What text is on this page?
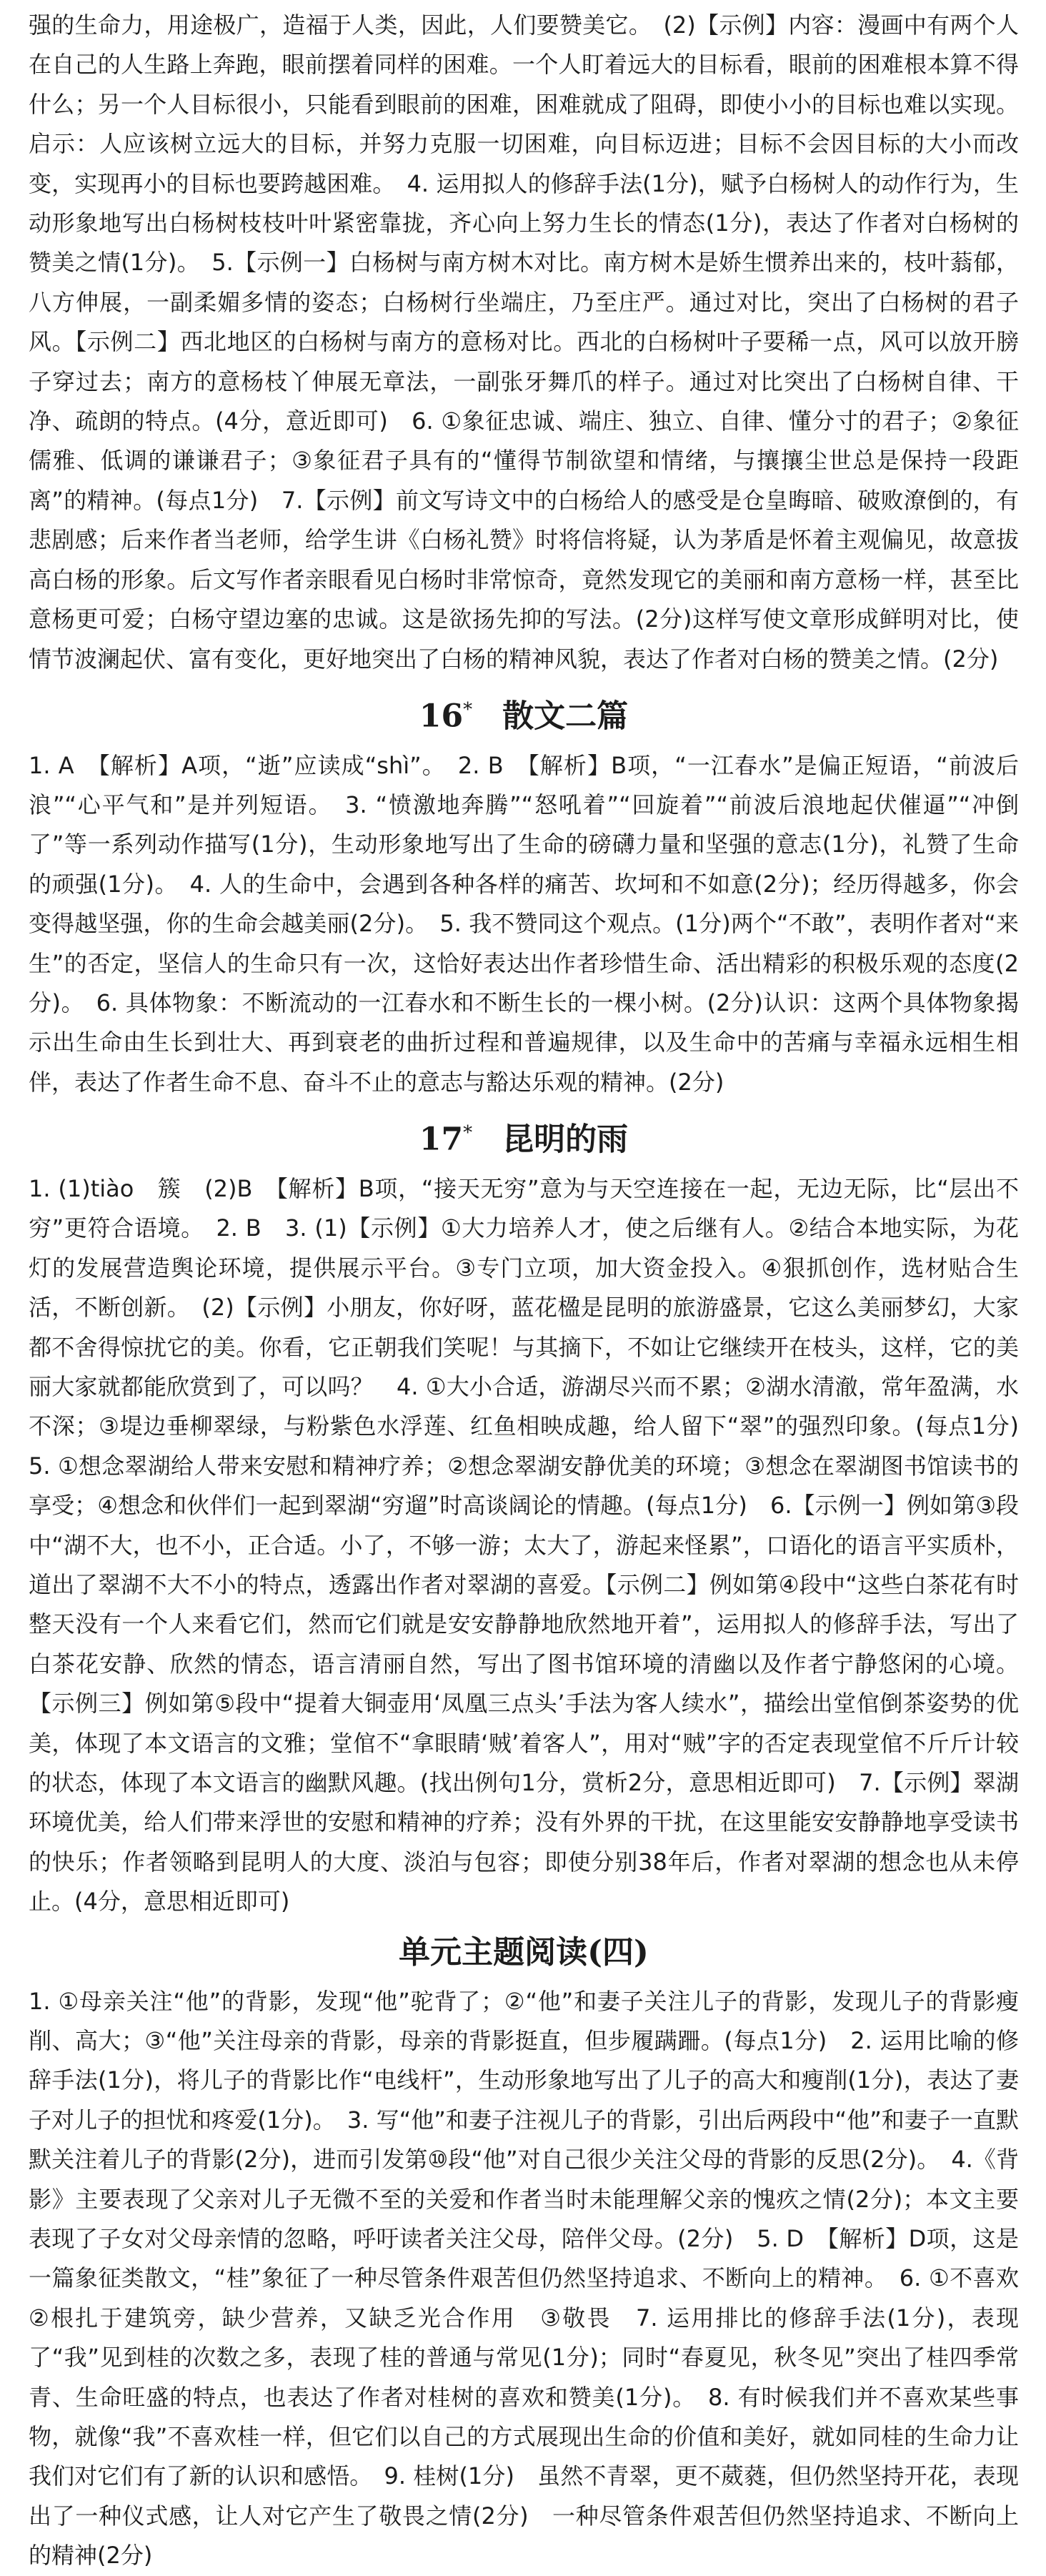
强的生命力，用途极广，造福于人类，因此，人们要赞美它。　(2)【示例】内容：漫画中有两个人在自己的人生路上奔跑，眼前摆着同样的困难。一个人盯着远大的目标看，眼前的困难根本算不得什么；另一个人目标很小，只能看到眼前的困难，困难就成了阻碍，即使小小的目标也难以实现。启示：人应该树立远大的目标，并努力克服一切困难，向目标迈进；目标不会因目标的大小而改变，实现再小的目标也要跨越困难。　4. 运用拟人的修辞手法(1分)，赋予白杨树人的动作行为，生动形象地写出白杨树枝枝叶叶紧密靠拢，齐心向上努力生长的情态(1分)，表达了作者对白杨树的赞美之情(1分)。　5.【示例一】白杨树与南方树木对比。南方树木是娇生惯养出来的，枝叶蓊郁，八方伸展，一副柔媚多情的姿态；白杨树行坐端庄，乃至庄严。通过对比，突出了白杨树的君子风。【示例二】西北地区的白杨树与南方的意杨对比。西北的白杨树叶子要稀一点，风可以放开膀子穿过去；南方的意杨枝丫伸展无章法，一副张牙舞爪的样子。通过对比突出了白杨树自律、干净、疏朗的特点。(4分，意近即可)　6. ①象征忠诚、端庄、独立、自律、懂分寸的君子；②象征儒雅、低调的谦谦君子；③象征君子具有的“懂得节制欲望和情绪，与攘攘尘世总是保持一段距离”的精神。(每点1分)　7.【示例】前文写诗文中的白杨给人的感受是仓皇晦暗、破败潦倒的，有悲剧感；后来作者当老师，给学生讲《白杨礼赞》时将信将疑，认为茅盾是怀着主观偏见，故意拔高白杨的形象。后文写作者亲眼看见白杨时非常惊奇，竟然发现它的美丽和南方意杨一样，甚至比意杨更可爱；白杨守望边塞的忠诚。这是欲扬先抑的写法。(2分)这样写使文章形成鲜明对比，使情节波澜起伏、富有变化，更好地突出了白杨的精神风貌，表达了作者对白杨的赞美之情。(2分)

16* 散文二篇

1. A　【解析】A项，“逝”应读成“shì”。　2. B　【解析】B项，“一江春水”是偏正短语，“前波后浪”“心平气和”是并列短语。　3. “愤激地奔腾”“怒吼着”“回旋着”“前波后浪地起伏催逼”“冲倒了”等一系列动作描写(1分)，生动形象地写出了生命的磅礴力量和坚强的意志(1分)，礼赞了生命的顽强(1分)。　4. 人的生命中，会遇到各种各样的痛苦、坎坷和不如意(2分)；经历得越多，你会变得越坚强，你的生命会越美丽(2分)。　5. 我不赞同这个观点。(1分)两个“不敢”，表明作者对“来生”的否定，坚信人的生命只有一次，这恰好表达出作者珍惜生命、活出精彩的积极乐观的态度(2分)。　6. 具体物象：不断流动的一江春水和不断生长的一棵小树。(2分)认识：这两个具体物象揭示出生命由生长到壮大、再到衰老的曲折过程和普遍规律，以及生命中的苦痛与幸福永远相生相伴，表达了作者生命不息、奋斗不止的意志与豁达乐观的精神。(2分)

17* 昆明的雨

1. (1)tiào　簇　(2)B　【解析】B项，“接天无穷”意为与天空连接在一起，无边无际，比“层出不穷”更符合语境。　2. B　3. (1)【示例】①大力培养人才，使之后继有人。②结合本地实际，为花灯的发展营造舆论环境，提供展示平台。③专门立项，加大资金投入。④狠抓创作，选材贴合生活，不断创新。　(2)【示例】小朋友，你好呀，蓝花楹是昆明的旅游盛景，它这么美丽梦幻，大家都不舍得惊扰它的美。你看，它正朝我们笑呢！与其摘下，不如让它继续开在枝头，这样，它的美丽大家就都能欣赏到了，可以吗？　4. ①大小合适，游湖尽兴而不累；②湖水清澈，常年盈满，水不深；③堤边垂柳翠绿，与粉紫色水浮莲、红鱼相映成趣，给人留下“翠”的强烈印象。(每点1分)　5. ①想念翠湖给人带来安慰和精神疗养；②想念翠湖安静优美的环境；③想念在翠湖图书馆读书的享受；④想念和伙伴们一起到翠湖“穷遛”时高谈阔论的情趣。(每点1分)　6.【示例一】例如第③段中“湖不大，也不小，正合适。小了，不够一游；太大了，游起来怪累”，口语化的语言平实质朴，道出了翠湖不大不小的特点，透露出作者对翠湖的喜爱。【示例二】例如第④段中“这些白茶花有时整天没有一个人来看它们，然而它们就是安安静静地欣然地开着”，运用拟人的修辞手法，写出了白茶花安静、欣然的情态，语言清丽自然，写出了图书馆环境的清幽以及作者宁静悠闲的心境。【示例三】例如第⑤段中“提着大铜壶用‘凤凰三点头’手法为客人续水”，描绘出堂倌倒茶姿势的优美，体现了本文语言的文雅；堂倌不“拿眼睛‘贼’着客人”，用对“贼”字的否定表现堂倌不斤斤计较的状态，体现了本文语言的幽默风趣。(找出例句1分，赏析2分，意思相近即可)　7.【示例】翠湖环境优美，给人们带来浮世的安慰和精神的疗养；没有外界的干扰，在这里能安安静静地享受读书的快乐；作者领略到昆明人的大度、淡泊与包容；即使分别38年后，作者对翠湖的想念也从未停止。(4分，意思相近即可)

单元主题阅读(四)

1. ①母亲关注“他”的背影，发现“他”驼背了；②“他”和妻子关注儿子的背影，发现儿子的背影瘦削、高大；③“他”关注母亲的背影，母亲的背影挺直，但步履蹒跚。(每点1分)　2. 运用比喻的修辞手法(1分)，将儿子的背影比作“电线杆”，生动形象地写出了儿子的高大和瘦削(1分)，表达了妻子对儿子的担忧和疼爱(1分)。　3. 写“他”和妻子注视儿子的背影，引出后两段中“他”和妻子一直默默关注着儿子的背影(2分)，进而引发第⑩段“他”对自己很少关注父母的背影的反思(2分)。　4.《背影》主要表现了父亲对儿子无微不至的关爱和作者当时未能理解父亲的愧疚之情(2分)；本文主要表现了子女对父母亲情的忽略，呼吁读者关注父母，陪伴父母。(2分)　5. D　【解析】D项，这是一篇象征类散文，“桂”象征了一种尽管条件艰苦但仍然坚持追求、不断向上的精神。　6. ①不喜欢　②根扎于建筑旁，缺少营养，又缺乏光合作用　③敬畏　7. 运用排比的修辞手法(1分)，表现了“我”见到桂的次数之多，表现了桂的普通与常见(1分)；同时“春夏见，秋冬见”突出了桂四季常青、生命旺盛的特点，也表达了作者对桂树的喜欢和赞美(1分)。　8. 有时候我们并不喜欢某些事物，就像“我”不喜欢桂一样，但它们以自己的方式展现出生命的价值和美好，就如同桂的生命力让我们对它们有了新的认识和感悟。　9. 桂树(1分)　虽然不青翠，更不葳蕤，但仍然坚持开花，表现出了一种仪式感，让人对它产生了敬畏之情(2分)　一种尽管条件艰苦但仍然坚持追求、不断向上的精神(2分)
